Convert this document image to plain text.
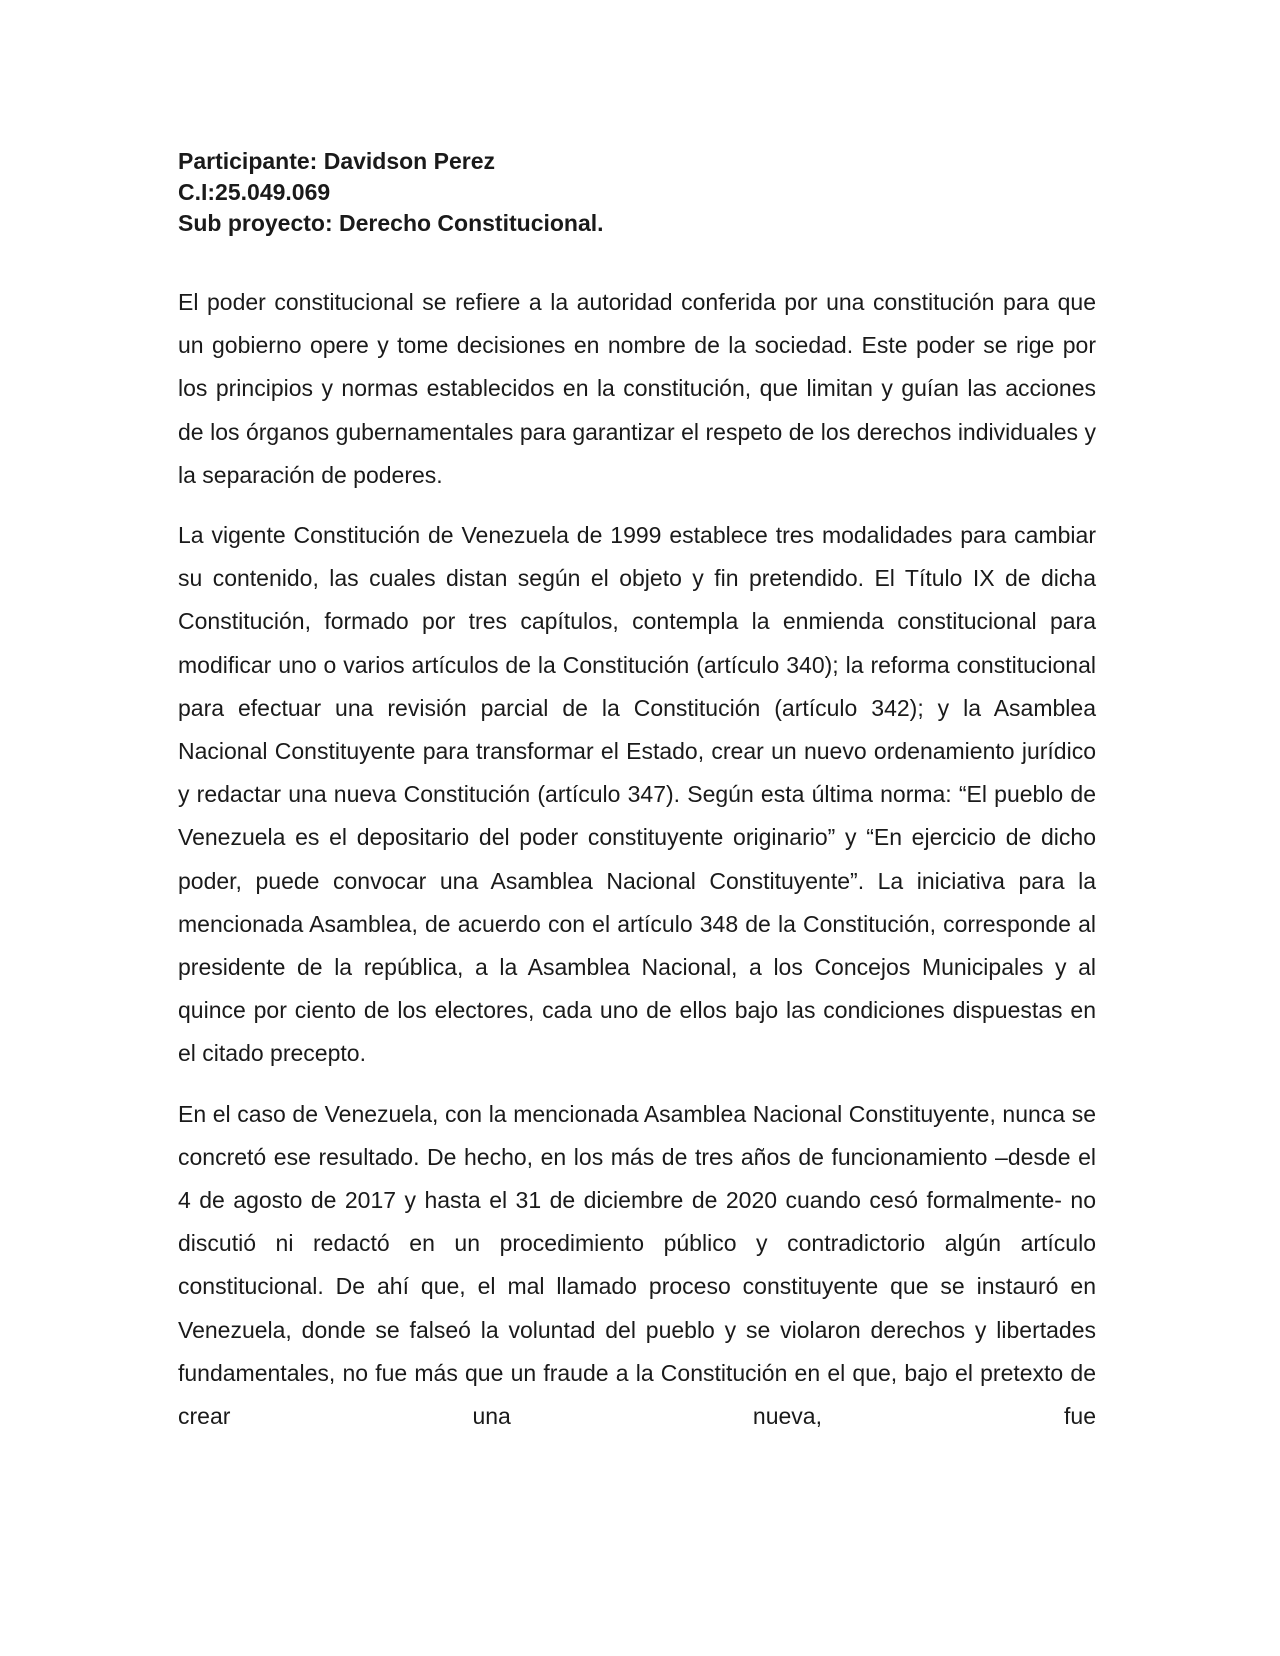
Participante: Davidson Perez

C.I:25.049.069

Sub proyecto: Derecho Constitucional.

El poder constitucional se refiere a la autoridad conferida por una constitución para que un gobierno opere y tome decisiones en nombre de la sociedad. Este poder se rige por los principios y normas establecidos en la constitución, que limitan y guían las acciones de los órganos gubernamentales para garantizar el respeto de los derechos individuales y la separación de poderes.

La vigente Constitución de Venezuela de 1999 establece tres modalidades para cambiar su contenido, las cuales distan según el objeto y fin pretendido. El Título IX de dicha Constitución, formado por tres capítulos, contempla la enmienda constitucional para modificar uno o varios artículos de la Constitución (artículo 340); la reforma constitucional para efectuar una revisión parcial de la Constitución (artículo 342); y la Asamblea Nacional Constituyente para transformar el Estado, crear un nuevo ordenamiento jurídico y redactar una nueva Constitución (artículo 347). Según esta última norma: “El pueblo de Venezuela es el depositario del poder constituyente originario” y “En ejercicio de dicho poder, puede convocar una Asamblea Nacional Constituyente”. La iniciativa para la mencionada Asamblea, de acuerdo con el artículo 348 de la Constitución, corresponde al presidente de la república, a la Asamblea Nacional, a los Concejos Municipales y al quince por ciento de los electores, cada uno de ellos bajo las condiciones dispuestas en el citado precepto.

En el caso de Venezuela, con la mencionada Asamblea Nacional Constituyente, nunca se concretó ese resultado. De hecho, en los más de tres años de funcionamiento –desde el 4 de agosto de 2017 y hasta el 31 de diciembre de 2020 cuando cesó formalmente- no discutió ni redactó en un procedimiento público y contradictorio algún artículo constitucional. De ahí que, el mal llamado proceso constituyente que se instauró en Venezuela, donde se falseó la voluntad del pueblo y se violaron derechos y libertades fundamentales, no fue más que un fraude a la Constitución en el que, bajo el pretexto de crear una nueva, fue
